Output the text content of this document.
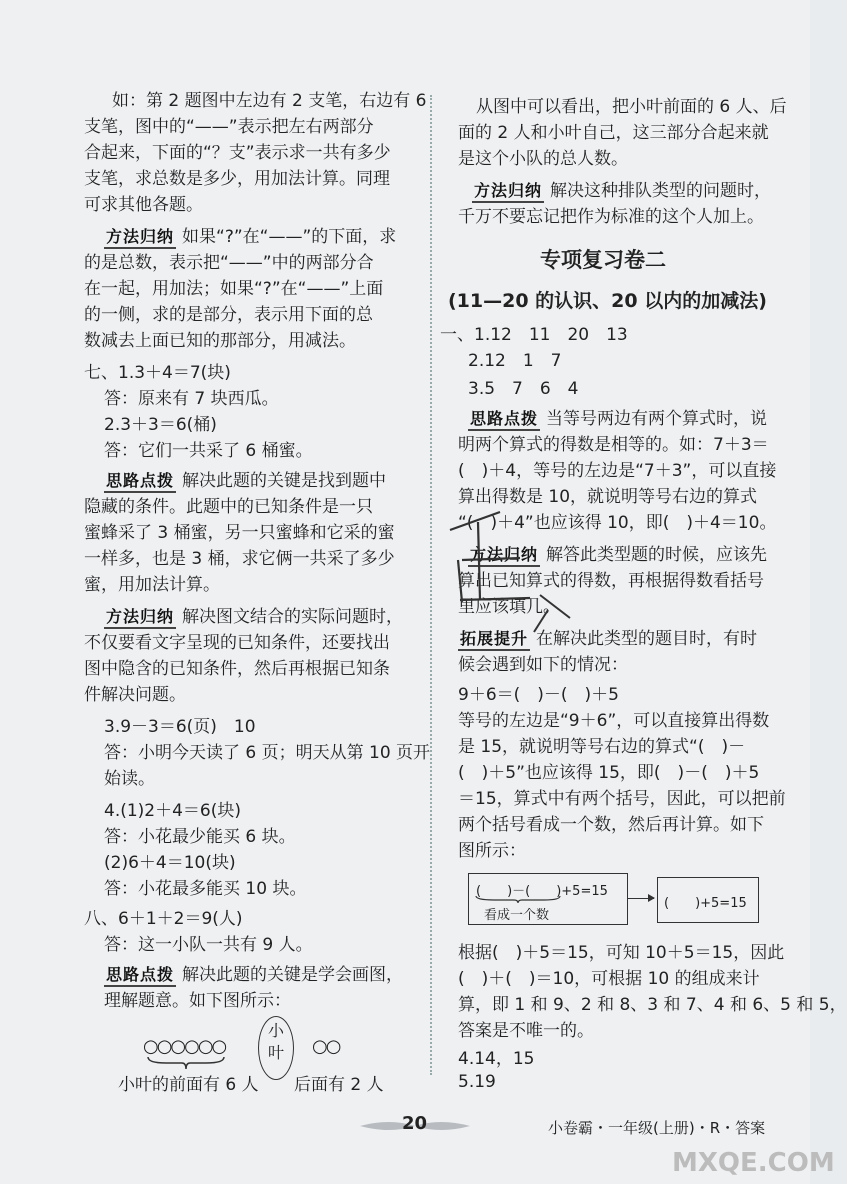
如：第 2 题图中左边有 2 支笔，右边有 6
支笔，图中的“——”表示把左右两部分
合起来，下面的“？支”表示求一共有多少
支笔，求总数是多少，用加法计算。同理
可求其他各题。
方法归纳 如果“?”在“——”的下面，求
的是总数，表示把“——”中的两部分合
在一起，用加法；如果“?”在“——”上面
的一侧，求的是部分，表示用下面的总
数减去上面已知的那部分，用减法。
七、1.3＋4＝7(块)
答：原来有 7 块西瓜。
2.3＋3＝6(桶)
答：它们一共采了 6 桶蜜。
思路点拨 解决此题的关键是找到题中
隐藏的条件。此题中的已知条件是一只
蜜蜂采了 3 桶蜜，另一只蜜蜂和它采的蜜
一样多，也是 3 桶，求它俩一共采了多少
蜜，用加法计算。
方法归纳 解决图文结合的实际问题时，
不仅要看文字呈现的已知条件，还要找出
图中隐含的已知条件，然后再根据已知条
件解决问题。
3.9－3＝6(页)　10
答：小明今天读了 6 页；明天从第 10 页开
始读。
4.(1)2＋4＝6(块)
答：小花最少能买 6 块。
(2)6＋4＝10(块)
答：小花最多能买 10 块。
八、6＋1＋2＝9(人)
答：这一小队一共有 9 人。
思路点拨 解决此题的关键是学会画图，
理解题意。如下图所示：
○○○○○○
小叶 ○○
小叶的前面有 6 人 后面有 2 人
从图中可以看出，把小叶前面的 6 人、后
面的 2 人和小叶自己，这三部分合起来就
是这个小队的总人数。
方法归纳 解决这种排队类型的问题时，
千万不要忘记把作为标准的这个人加上。
专项复习卷二
(11—20 的认识、20 以内的加减法)
一、1.12　11　20　13
2.12　1　7
3.5　7　6　4
思路点拨 当等号两边有两个算式时，说
明两个算式的得数是相等的。如：7＋3＝
(　)＋4，等号的左边是“7＋3”，可以直接
算出得数是 10，就说明等号右边的算式
“(　)＋4”也应该得 10，即(　)＋4＝10。
方法归纳 解答此类型题的时候，应该先
算出已知算式的得数，再根据得数看括号
里应该填几。
拓展提升 在解决此类型的题目时，有时
候会遇到如下的情况：
9＋6＝(　)－(　)＋5
等号的左边是“9＋6”，可以直接算出得数
是 15，就说明等号右边的算式“(　)－
(　)＋5”也应该得 15，即(　)－(　)＋5
＝15，算式中有两个括号，因此，可以把前
两个括号看成一个数，然后再计算。如下
图所示：
(　　)－(　　)+5=15
看成一个数
(　　)+5=15
根据(　)＋5＝15，可知 10＋5＝15，因此
(　)＋(　)＝10，可根据 10 的组成来计
算，即 1 和 9、2 和 8、3 和 7、4 和 6、5 和 5，
答案是不唯一的。
4.14，15
5.19
20	小卷霸・一年级(上册)・R・答案
MXQE.COM
